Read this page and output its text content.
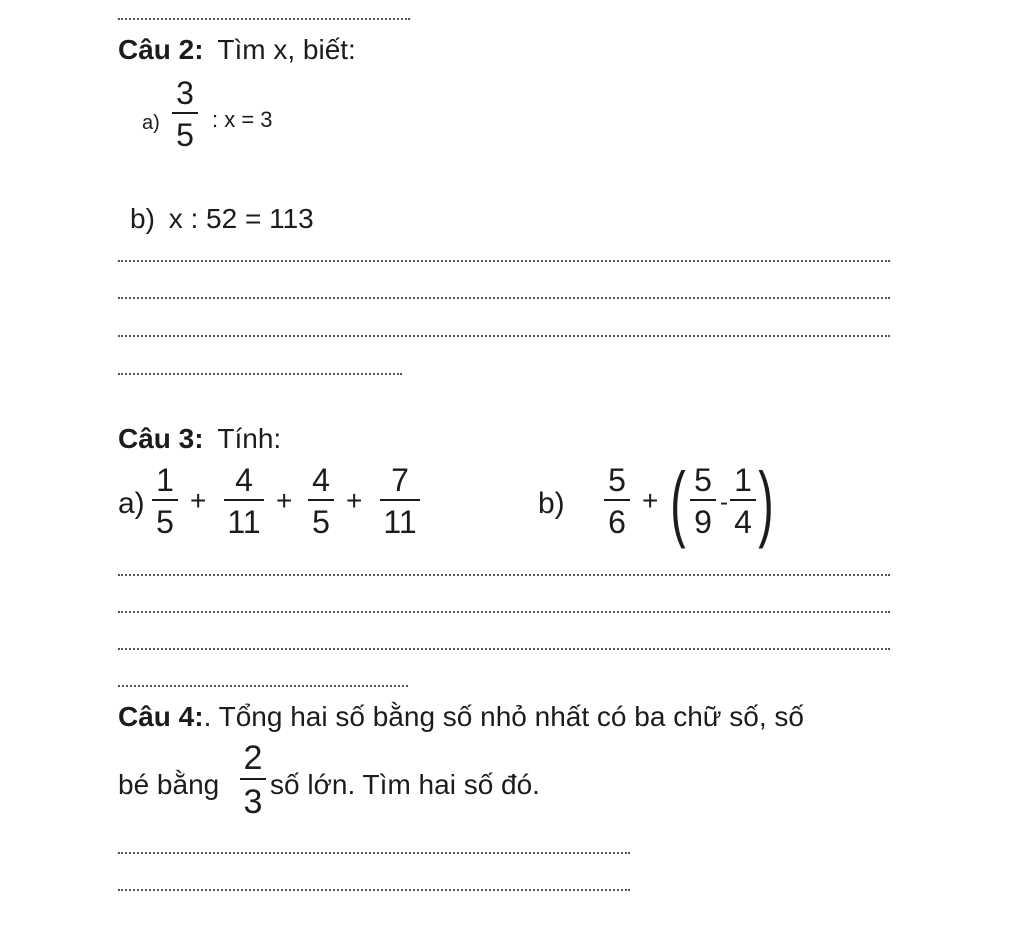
Câu 2: Tìm x, biết:
a)
3
5 : x = 3
b) x : 52 = 113
Câu 3: Tính:
a)
1
5
+
4
11
+
4
5
+
7
11
b)
5
6
+ ( 5
9
-
1
4 )
Câu 4:. Tổng hai số bằng số nhỏ nhất có ba chữ số, số
bé bằng
2
3 số lớn. Tìm hai số đó.
